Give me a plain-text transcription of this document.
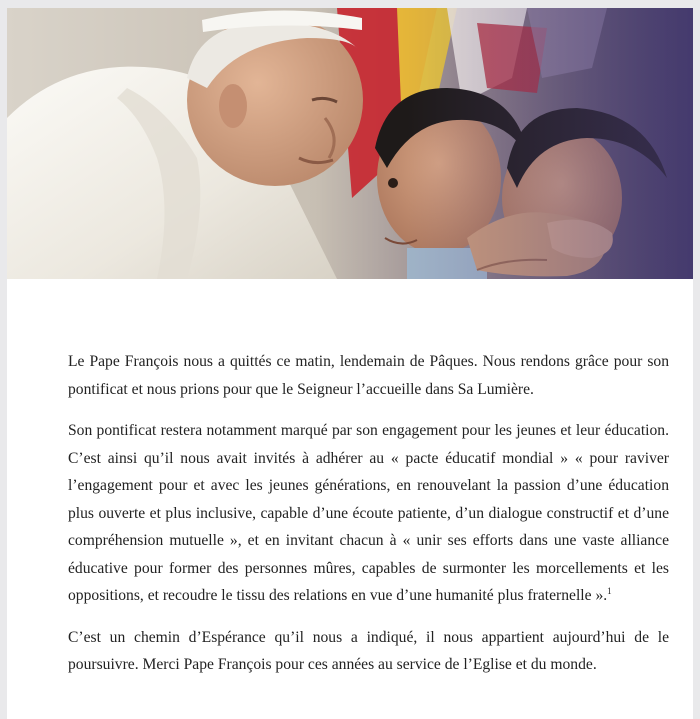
Le Pape François nous a quittés ce matin, lendemain de Pâques. Nous rendons grâce pour son pontificat et nous prions pour que le Seigneur l’accueille dans Sa Lumière.

Son pontificat restera notamment marqué par son engagement pour les jeunes et leur éducation. C’est ainsi qu’il nous avait invités à adhérer au « pacte éducatif mondial » « pour raviver l’engagement pour et avec les jeunes générations, en renouvelant la passion d’une éducation plus ouverte et plus inclusive, capable d’une écoute patiente, d’un dialogue constructif et d’une compréhension mutuelle », et en invitant chacun à « unir ses efforts dans une vaste alliance éducative pour former des personnes mûres, capables de surmonter les morcellements et les oppositions, et recoudre le tissu des relations en vue d’une humanité plus fraternelle ».$^1$

C’est un chemin d’Espérance qu’il nous a indiqué, il nous appartient aujourd’hui de le poursuivre. Merci Pape François pour ces années au service de l’Eglise et du monde.
